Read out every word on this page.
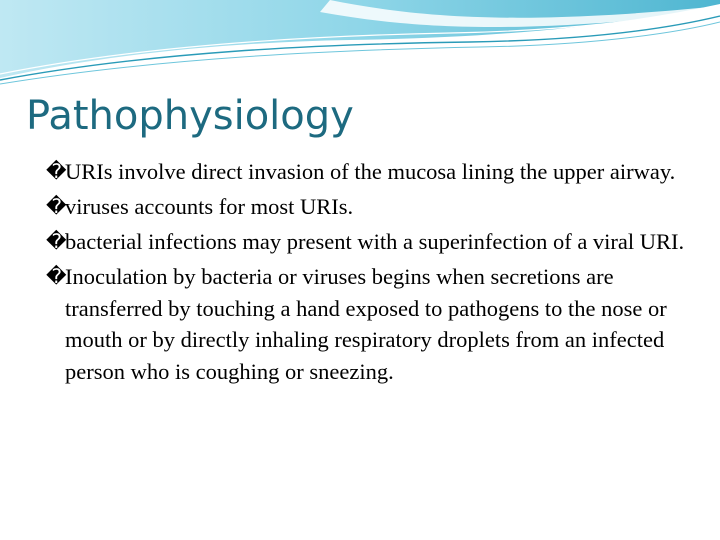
Pathophysiology
�
URIs involve direct invasion of the mucosa lining the upper airway.
�
viruses accounts for most URIs.
�
bacterial infections may present with a superinfection of a viral URI.
�
Inoculation by bacteria or viruses begins when secretions are transferred by touching a hand exposed to pathogens to the nose or mouth or by directly inhaling respiratory droplets from an infected person who is coughing or sneezing.
